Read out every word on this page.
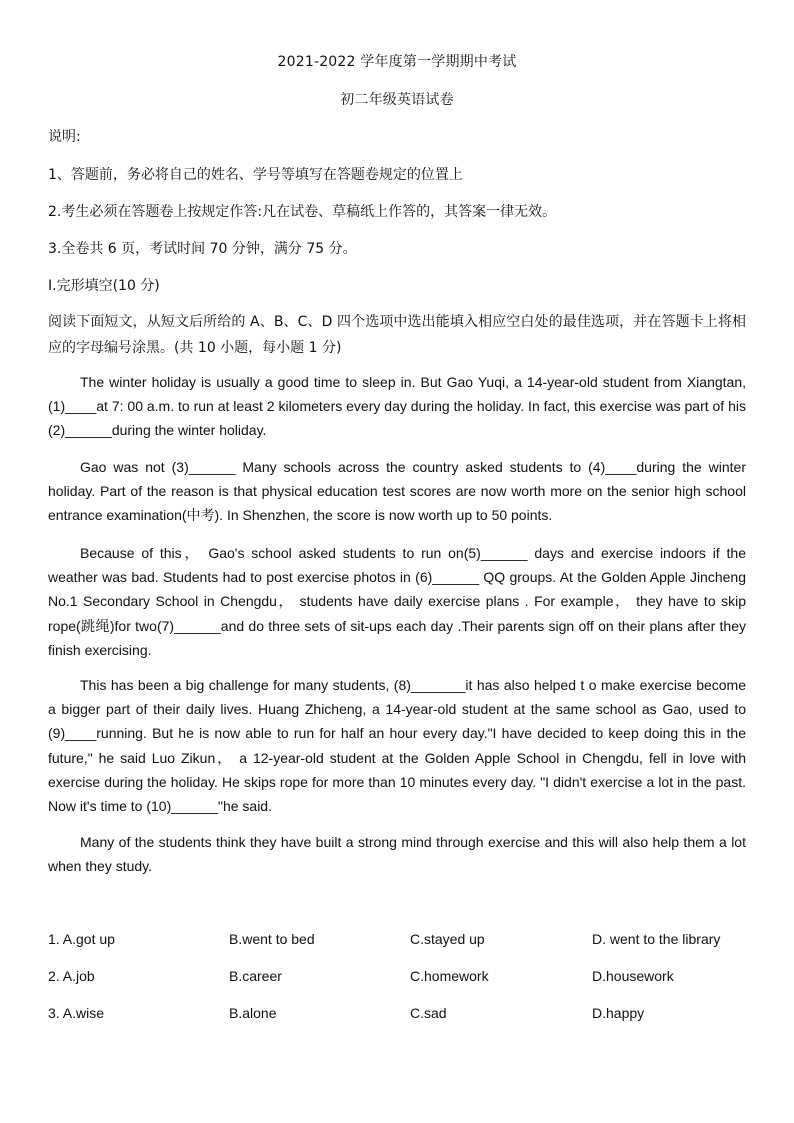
2021-2022 学年度第一学期期中考试
初二年级英语试卷
说明:
1、答题前，务必将自己的姓名、学号等填写在答题卷规定的位置上
2.考生必须在答题卷上按规定作答:凡在试卷、草稿纸上作答的，其答案一律无效。
3.全卷共 6 页，考试时间 70 分钟，满分 75 分。
I.完形填空(10 分)
阅读下面短文，从短文后所给的 A、B、C、D 四个选项中选出能填入相应空白处的最佳选项，并在答题卡上将相应的字母编号涂黑。(共 10 小题，每小题 1 分)
The winter holiday is usually a good time to sleep in. But Gao Yuqi, a 14-year-old student from Xiangtan, (1)____at 7: 00 a.m. to run at least 2 kilometers every day during the holiday. In fact, this exercise was part of his (2)______during the winter holiday.
Gao was not (3)______ Many schools across the country asked students to (4)____during the winter holiday. Part of the reason is that physical education test scores are now worth more on the senior high school entrance examination(中考). In Shenzhen, the score is now worth up to 50 points.
Because of this， Gao's school asked students to run on(5)______ days and exercise indoors if the weather was bad. Students had to post exercise photos in (6)______ QQ groups. At the Golden Apple Jincheng No.1 Secondary School in Chengdu， students have daily exercise plans . For example， they have to skip rope(跳绳)for two(7)______and do three sets of sit-ups each day .Their parents sign off on their plans after they finish exercising.
This has been a big challenge for many students, (8)_______it has also helped t o make exercise become a bigger part of their daily lives. Huang Zhicheng, a 14-year-old student at the same school as Gao, used to (9)____running. But he is now able to run for half an hour every day."I have decided to keep doing this in the future," he said Luo Zikun， a 12-year-old student at the Golden Apple School in Chengdu, fell in love with exercise during the holiday. He skips rope for more than 10 minutes every day. "I didn't exercise a lot in the past. Now it's time to (10)______"he said.
Many of the students think they have built a strong mind through exercise and this will also help them a lot when they study.
1. A.got up	B.went to bed	C.stayed up	D. went to the library
2. A.job	B.career	C.homework	D.housework
3. A.wise	B.alone	C.sad	D.happy
